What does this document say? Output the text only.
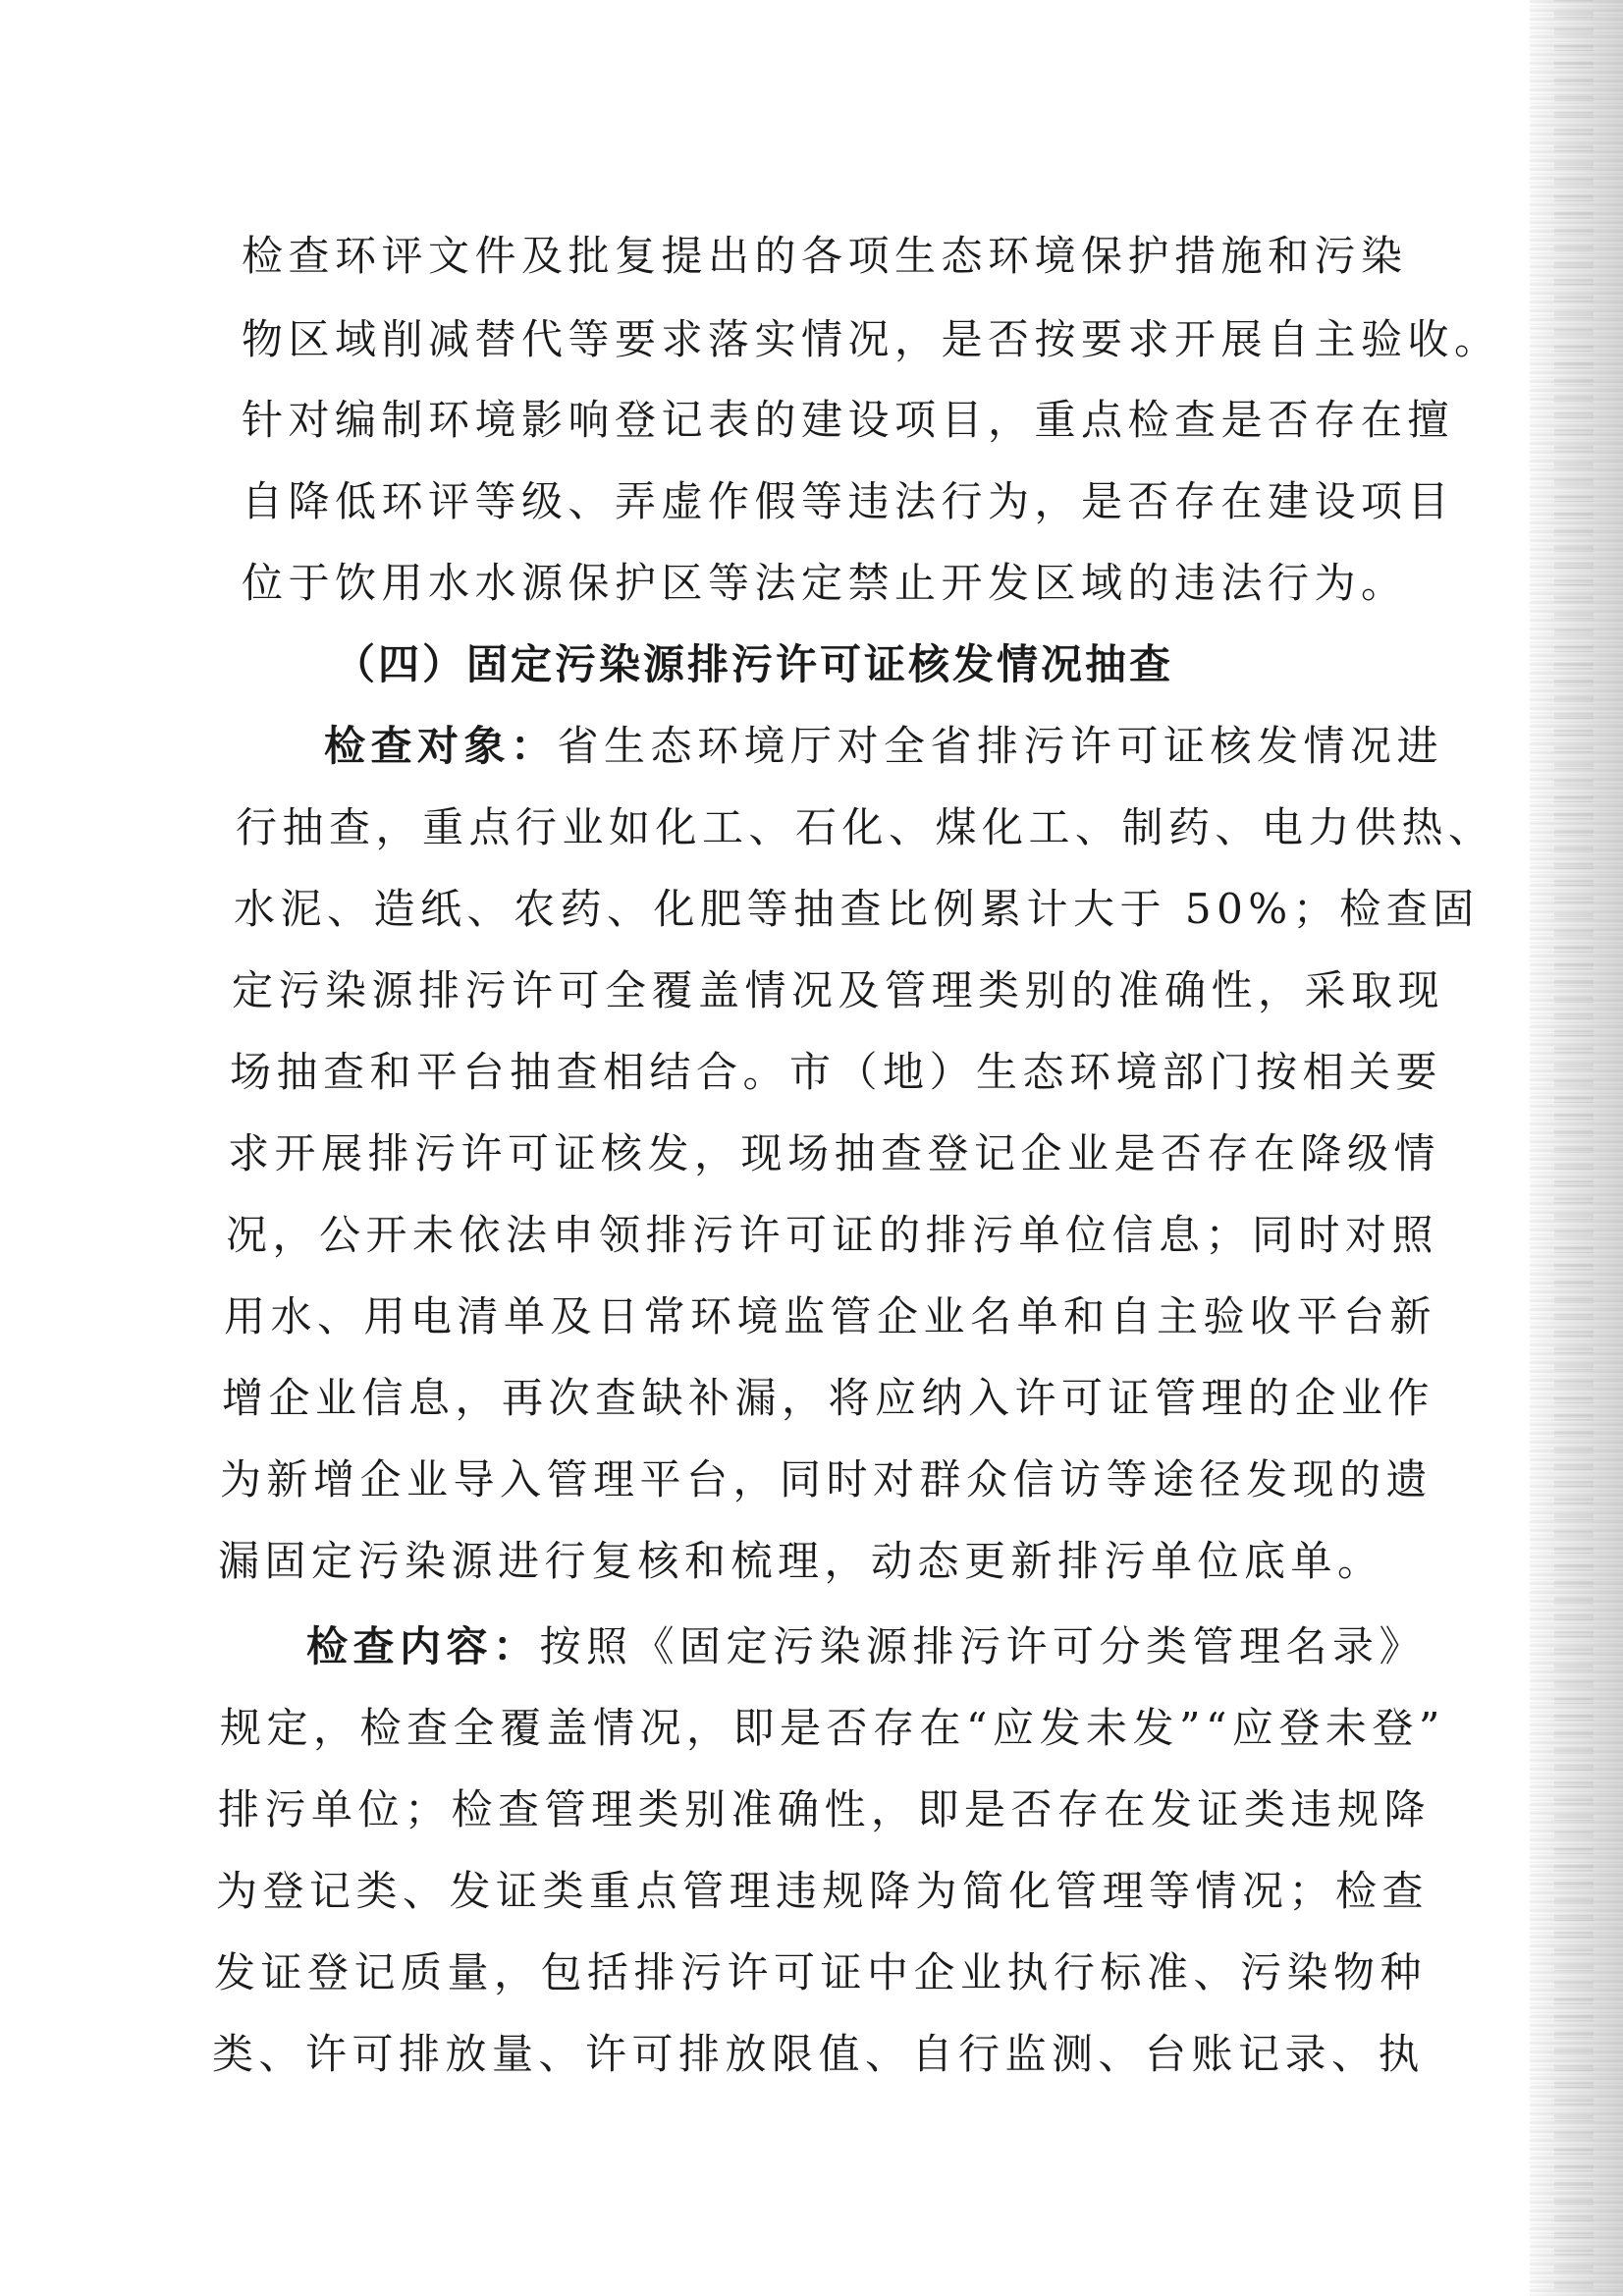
检查环评文件及批复提出的各项生态环境保护措施和污染
物区域削减替代等要求落实情况，是否按要求开展自主验收。
针对编制环境影响登记表的建设项目，重点检查是否存在擅
自降低环评等级、弄虚作假等违法行为，是否存在建设项目
位于饮用水水源保护区等法定禁止开发区域的违法行为。
（四）固定污染源排污许可证核发情况抽查
检查对象：省生态环境厅对全省排污许可证核发情况进
行抽查，重点行业如化工、石化、煤化工、制药、电力供热、
水泥、造纸、农药、化肥等抽查比例累计大于 50%；检查固
定污染源排污许可全覆盖情况及管理类别的准确性，采取现
场抽查和平台抽查相结合。市（地）生态环境部门按相关要
求开展排污许可证核发，现场抽查登记企业是否存在降级情
况，公开未依法申领排污许可证的排污单位信息；同时对照
用水、用电清单及日常环境监管企业名单和自主验收平台新
增企业信息，再次查缺补漏，将应纳入许可证管理的企业作
为新增企业导入管理平台，同时对群众信访等途径发现的遗
漏固定污染源进行复核和梳理，动态更新排污单位底单。
检查内容：按照《固定污染源排污许可分类管理名录》
规定，检查全覆盖情况，即是否存在“应发未发”“应登未登”
排污单位；检查管理类别准确性，即是否存在发证类违规降
为登记类、发证类重点管理违规降为简化管理等情况；检查
发证登记质量，包括排污许可证中企业执行标准、污染物种
类、许可排放量、许可排放限值、自行监测、台账记录、执
